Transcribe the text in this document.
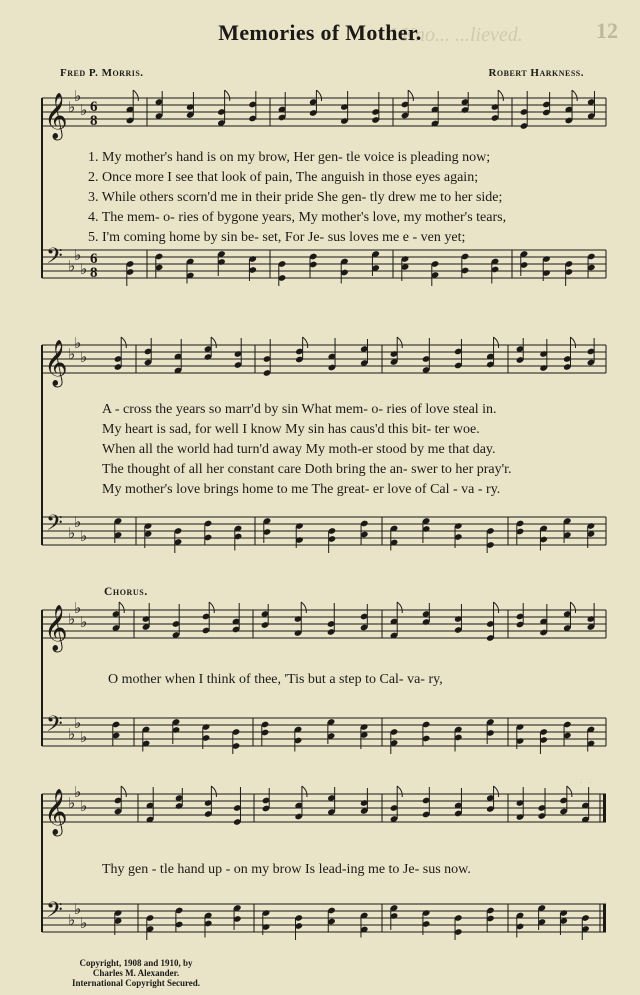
12
I Kno... ...lieved.
Memories of Mother.
Fred P. Morris.	Robert Harkness.
𝄞
𝄢
♭
♭
♭
♭
♭
♭
6
8
6
8
1. My mother's hand is on my brow, Her gen- tle voice is pleading now;
2. Once more I see that look of pain, The anguish in those eyes again;
3. While others scorn'd me in their pride She gen- tly drew me to her side;
4. The mem- o- ries of bygone years, My mother's love, my mother's tears,
5. I'm coming home by sin be- set, For Je- sus loves me e - ven yet;
𝄞
𝄢
♭
♭
♭
♭
♭
♭
A - cross the years so marr'd by sin What mem- o- ries of love steal in.
My heart is sad, for well I know My sin has caus'd this bit- ter woe.
When all the world had turn'd away My moth-er stood by me that day.
The thought of all her constant care Doth bring the an- swer to her pray'r.
My mother's love brings home to me The great- er love of Cal - va - ry.
Chorus.
𝄞
𝄢
♭
♭
♭
♭
♭
♭
O mother when I think of thee, 'Tis but a step to Cal- va- ry,
𝄞
𝄢
♭
♭
♭
♭
♭
♭
Thy gen - tle hand up - on my brow Is lead-ing me to Je- sus now.
Copyright, 1908 and 1910, by
Charles M. Alexander.
International Copyright Secured.
